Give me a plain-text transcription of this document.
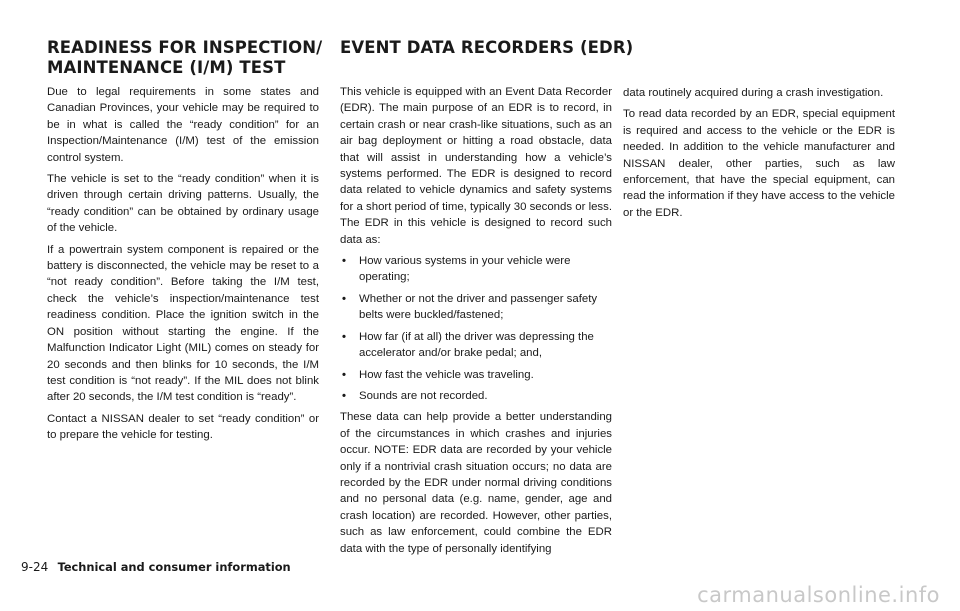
READINESS FOR INSPECTION/
MAINTENANCE (I/M) TEST

Due to legal requirements in some states and Canadian Provinces, your vehicle may be required to be in what is called the “ready condition” for an Inspection/Maintenance (I/M) test of the emission control system.

The vehicle is set to the “ready condition” when it is driven through certain driving patterns. Usually, the “ready condition” can be obtained by ordinary usage of the vehicle.

If a powertrain system component is repaired or the battery is disconnected, the vehicle may be reset to a “not ready condition”. Before taking the I/M test, check the vehicle’s inspection/maintenance test readiness condition. Place the ignition switch in the ON position without starting the engine. If the Malfunction Indicator Light (MIL) comes on steady for 20 seconds and then blinks for 10 seconds, the I/M test condition is “not ready”. If the MIL does not blink after 20 seconds, the I/M test condition is “ready”.

Contact a NISSAN dealer to set “ready condition” or to prepare the vehicle for testing.

EVENT DATA RECORDERS (EDR)

This vehicle is equipped with an Event Data Recorder (EDR). The main purpose of an EDR is to record, in certain crash or near crash-like situations, such as an air bag deployment or hitting a road obstacle, data that will assist in understanding how a vehicle’s systems performed. The EDR is designed to record data related to vehicle dynamics and safety systems for a short period of time, typically 30 seconds or less. The EDR in this vehicle is designed to record such data as:

• How various systems in your vehicle were operating;
• Whether or not the driver and passenger safety belts were buckled/fastened;
• How far (if at all) the driver was depressing the accelerator and/or brake pedal; and,
• How fast the vehicle was traveling.
• Sounds are not recorded.

These data can help provide a better understanding of the circumstances in which crashes and injuries occur. NOTE: EDR data are recorded by your vehicle only if a nontrivial crash situation occurs; no data are recorded by the EDR under normal driving conditions and no personal data (e.g. name, gender, age and crash location) are recorded. However, other parties, such as law enforcement, could combine the EDR data with the type of personally identifying

data routinely acquired during a crash investigation.

To read data recorded by an EDR, special equipment is required and access to the vehicle or the EDR is needed. In addition to the vehicle manufacturer and NISSAN dealer, other parties, such as law enforcement, that have the special equipment, can read the information if they have access to the vehicle or the EDR.

9-24 Technical and consumer information
carmanualsonline.info
